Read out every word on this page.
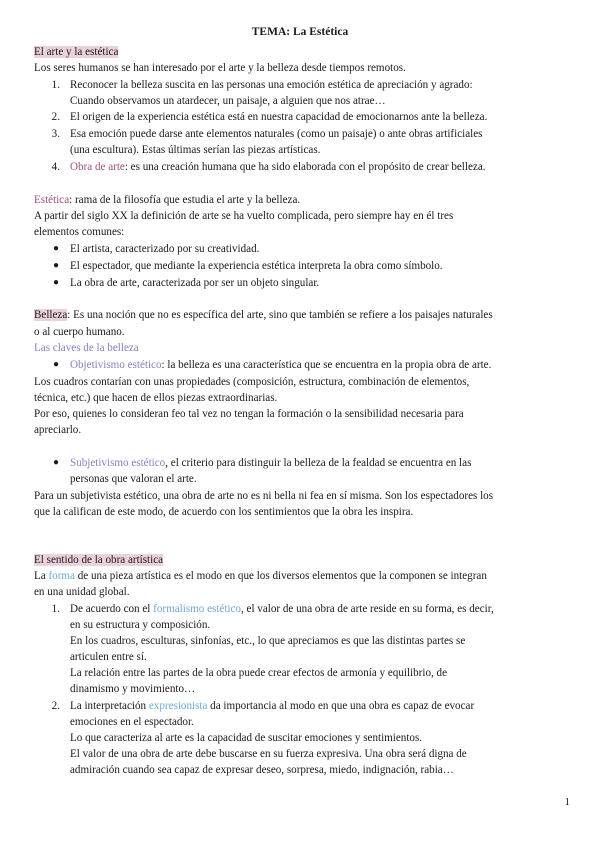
TEMA: La Estética
El arte y la estética
Los seres humanos se han interesado por el arte y la belleza desde tiempos remotos.
1. Reconocer la belleza suscita en las personas una emoción estética de apreciación y agrado:
Cuando observamos un atardecer, un paisaje, a alguien que nos atrae…
2. El origen de la experiencia estética está en nuestra capacidad de emocionarnos ante la belleza.
3. Esa emoción puede darse ante elementos naturales (como un paisaje) o ante obras artificiales
(una escultura). Estas últimas serían las piezas artísticas.
4. Obra de arte: es una creación humana que ha sido elaborada con el propósito de crear belleza.
Estética: rama de la filosofía que estudia el arte y la belleza.
A partir del siglo XX la definición de arte se ha vuelto complicada, pero siempre hay en él tres
elementos comunes:
● El artista, caracterizado por su creatividad.
● El espectador, que mediante la experiencia estética interpreta la obra como símbolo.
● La obra de arte, caracterizada por ser un objeto singular.
Belleza: Es una noción que no es específica del arte, sino que también se refiere a los paisajes naturales
o al cuerpo humano.
Las claves de la belleza
● Objetivismo estético: la belleza es una característica que se encuentra en la propia obra de arte.
Los cuadros contarían con unas propiedades (composición, estructura, combinación de elementos,
técnica, etc.) que hacen de ellos piezas extraordinarias.
Por eso, quienes lo consideran feo tal vez no tengan la formación o la sensibilidad necesaria para
apreciarlo.
● Subjetivismo estético, el criterio para distinguir la belleza de la fealdad se encuentra en las
personas que valoran el arte.
Para un subjetivista estético, una obra de arte no es ni bella ni fea en sí misma. Son los espectadores los
que la califican de este modo, de acuerdo con los sentimientos que la obra les inspira.
El sentido de la obra artística
La forma de una pieza artística es el modo en que los diversos elementos que la componen se integran
en una unidad global.
1. De acuerdo con el formalismo estético, el valor de una obra de arte reside en su forma, es decir,
en su estructura y composición.
En los cuadros, esculturas, sinfonías, etc., lo que apreciamos es que las distintas partes se
articulen entre sí.
La relación entre las partes de la obra puede crear efectos de armonía y equilibrio, de
dinamismo y movimiento…
2. La interpretación expresionista da importancia al modo en que una obra es capaz de evocar
emociones en el espectador.
Lo que caracteriza al arte es la capacidad de suscitar emociones y sentimientos.
El valor de una obra de arte debe buscarse en su fuerza expresiva. Una obra será digna de
admiración cuando sea capaz de expresar deseo, sorpresa, miedo, indignación, rabia…
1
